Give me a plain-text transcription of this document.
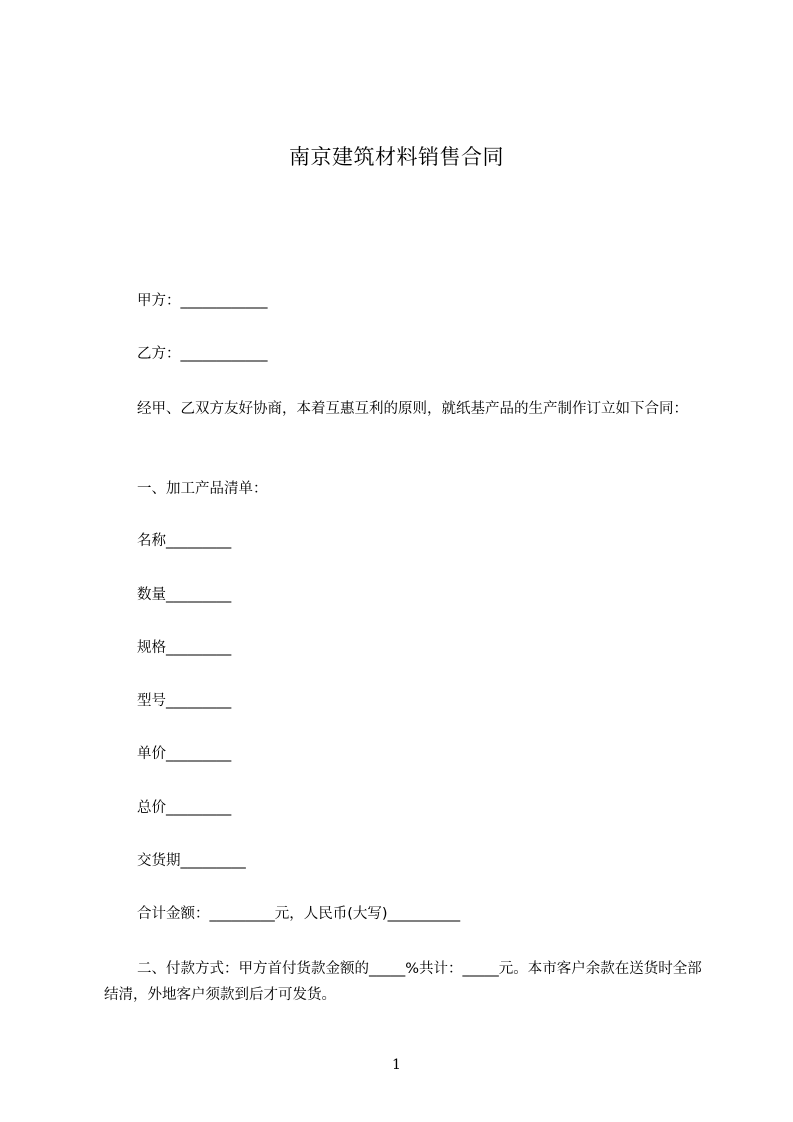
南京建筑材料销售合同
甲方：____________
乙方：____________
经甲、乙双方友好协商，本着互惠互利的原则，就纸基产品的生产制作订立如下合同：
一、加工产品清单：
名称_________
数量_________
规格_________
型号_________
单价_________
总价_________
交货期_________
合计金额：_________元，人民币(大写)__________
二、付款方式：甲方首付货款金额的_____%共计：_____元。本市客户余款在送货时全部结清，外地客户须款到后才可发货。
1
